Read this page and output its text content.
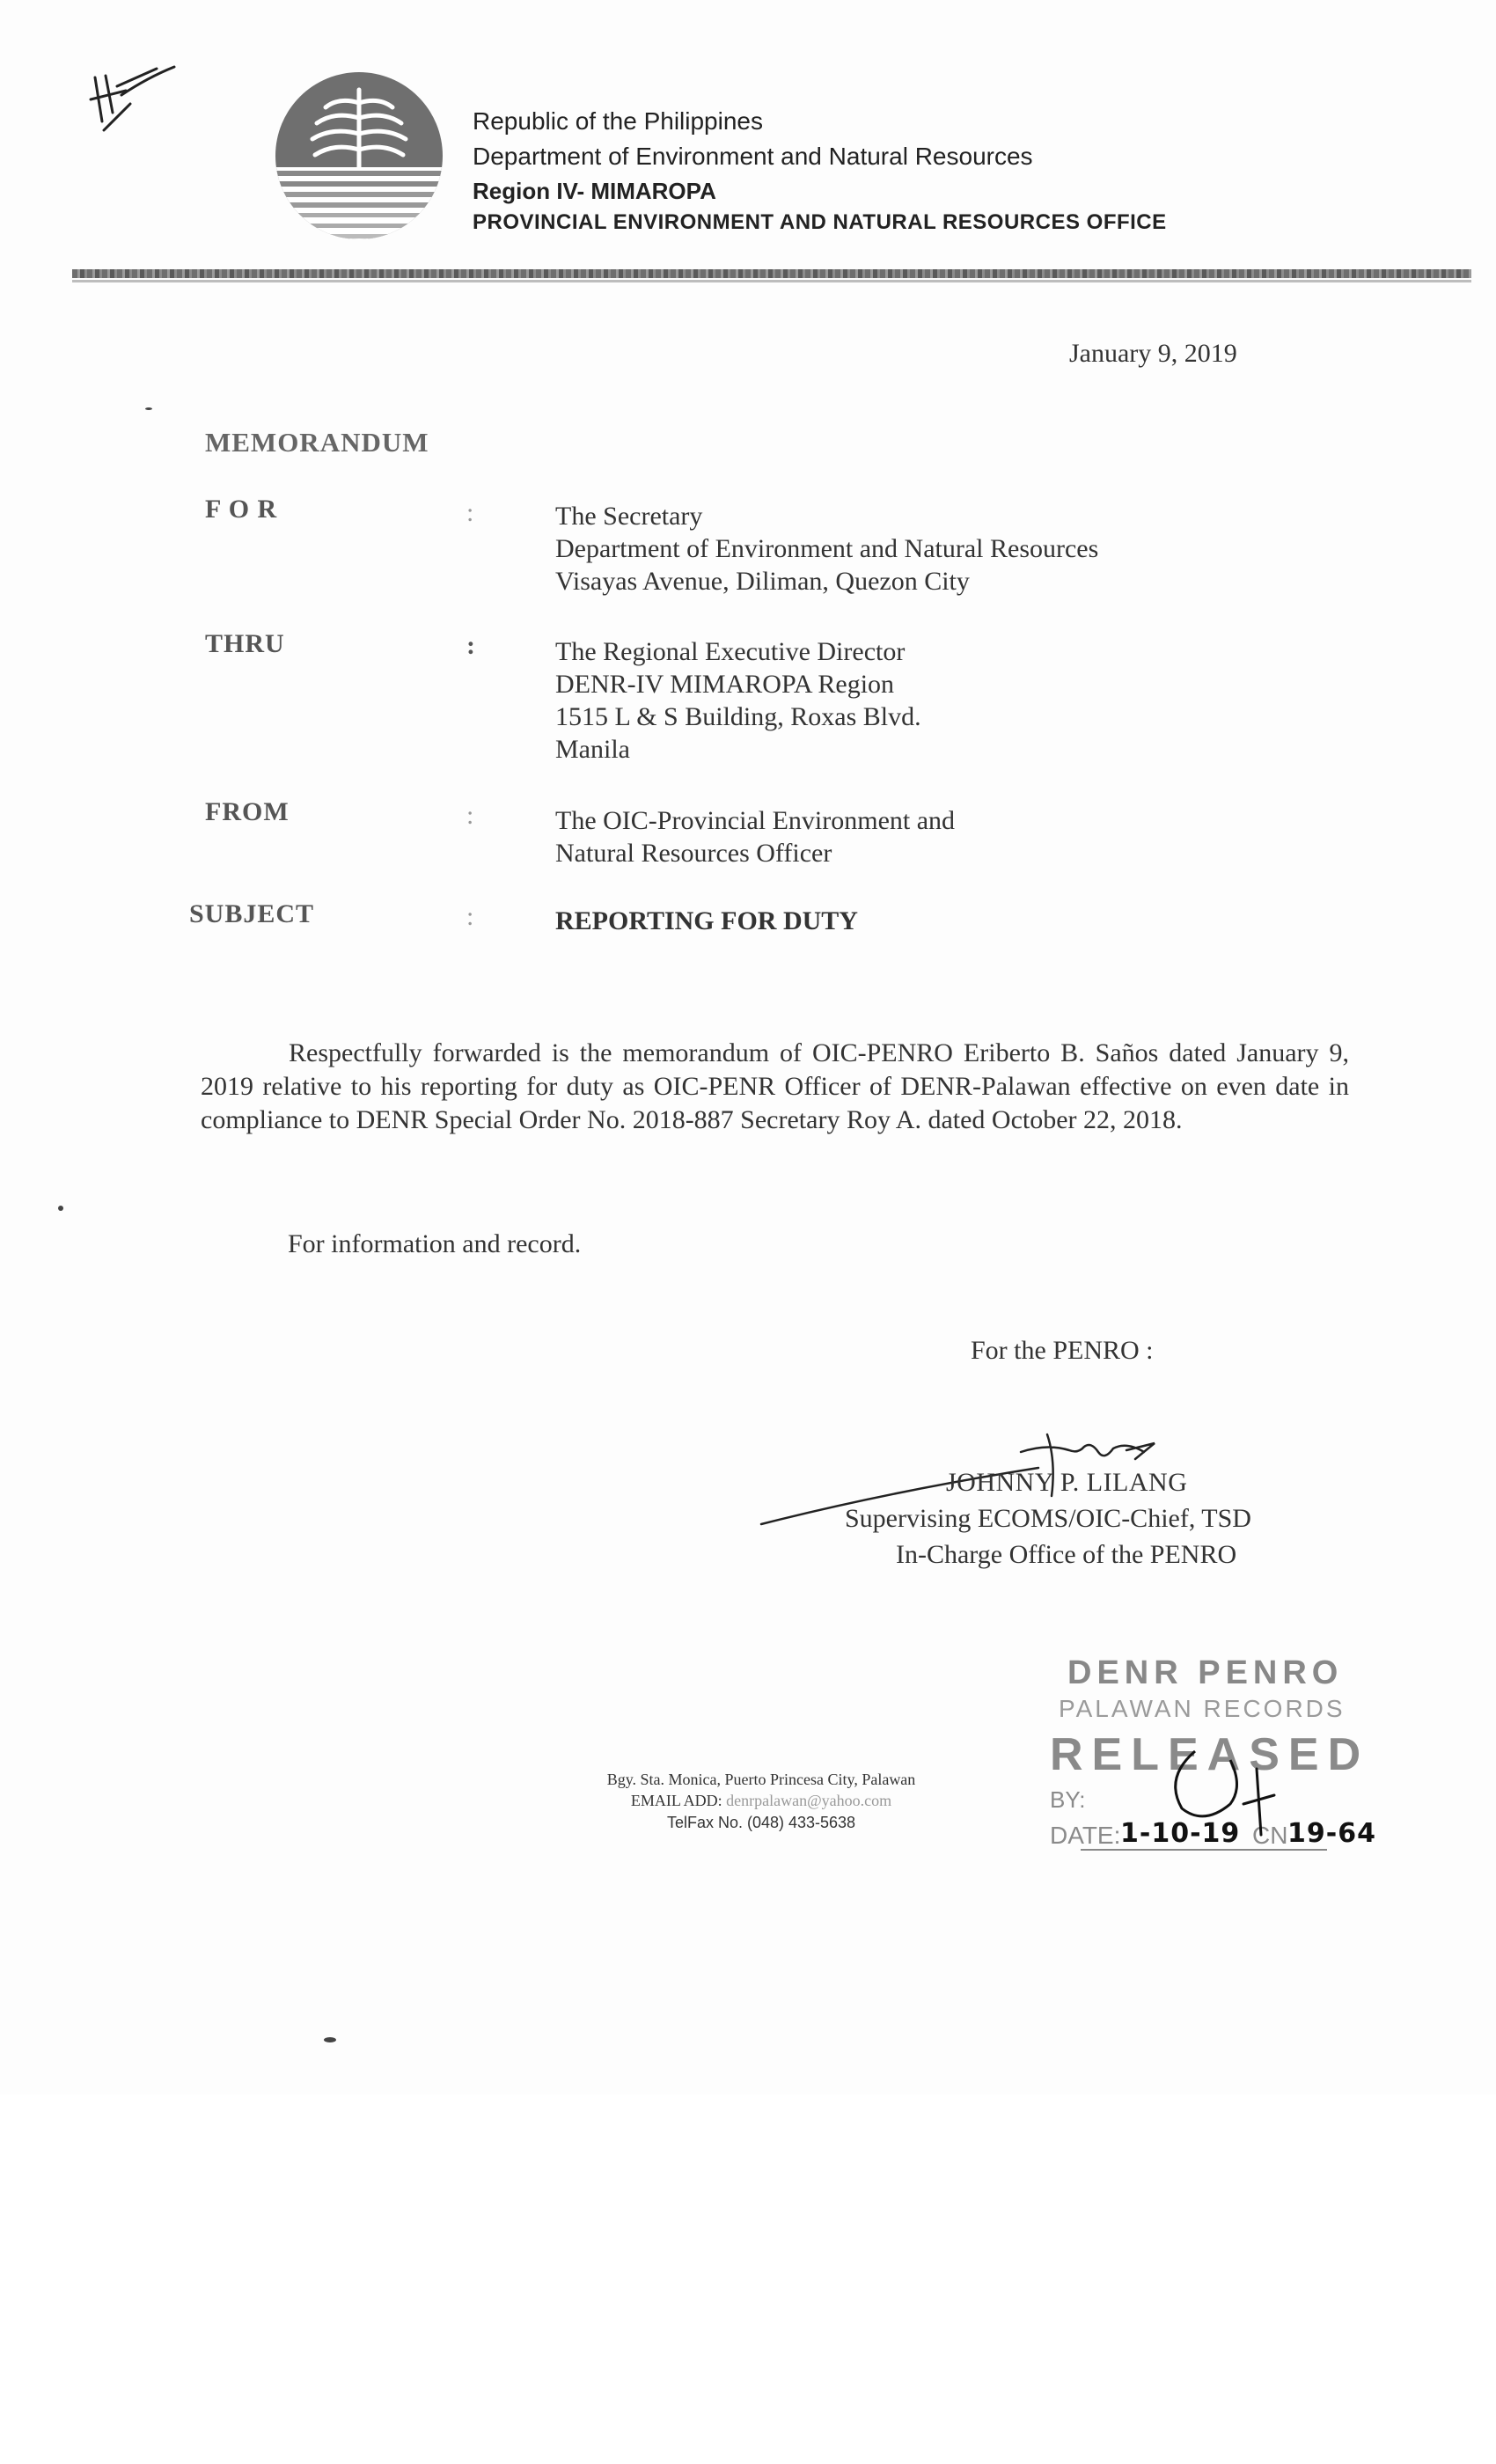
Republic of the Philippines
Department of Environment and Natural Resources
Region IV- MIMAROPA
PROVINCIAL ENVIRONMENT AND NATURAL RESOURCES OFFICE
January 9, 2019
MEMORANDUM
F O R	:	The Secretary
Department of Environment and Natural Resources
Visayas Avenue, Diliman, Quezon City
THRU	:	The Regional Executive Director
DENR-IV MIMAROPA Region
1515 L & S Building, Roxas Blvd.
Manila
FROM	:	The OIC-Provincial Environment and
Natural Resources Officer
SUBJECT	:	REPORTING FOR DUTY
Respectfully forwarded is the memorandum of OIC-PENRO Eriberto B. Saños dated January 9, 2019 relative to his reporting for duty as OIC-PENR Officer of DENR-Palawan effective on even date in compliance to DENR Special Order No. 2018-887 Secretary Roy A. dated October 22, 2018.
For information and record.
For the PENRO :
JOHNNY P. LILANG
Supervising ECOMS/OIC-Chief, TSD
In-Charge Office of the PENRO
Bgy. Sta. Monica, Puerto Princesa City, Palawan
EMAIL ADD: denrpalawan@yahoo.com
TelFax No. (048) 433-5638
DENR PENRO
PALAWAN RECORDS
RELEASED
BY:
DATE: 1-10-19 CN 19-64
